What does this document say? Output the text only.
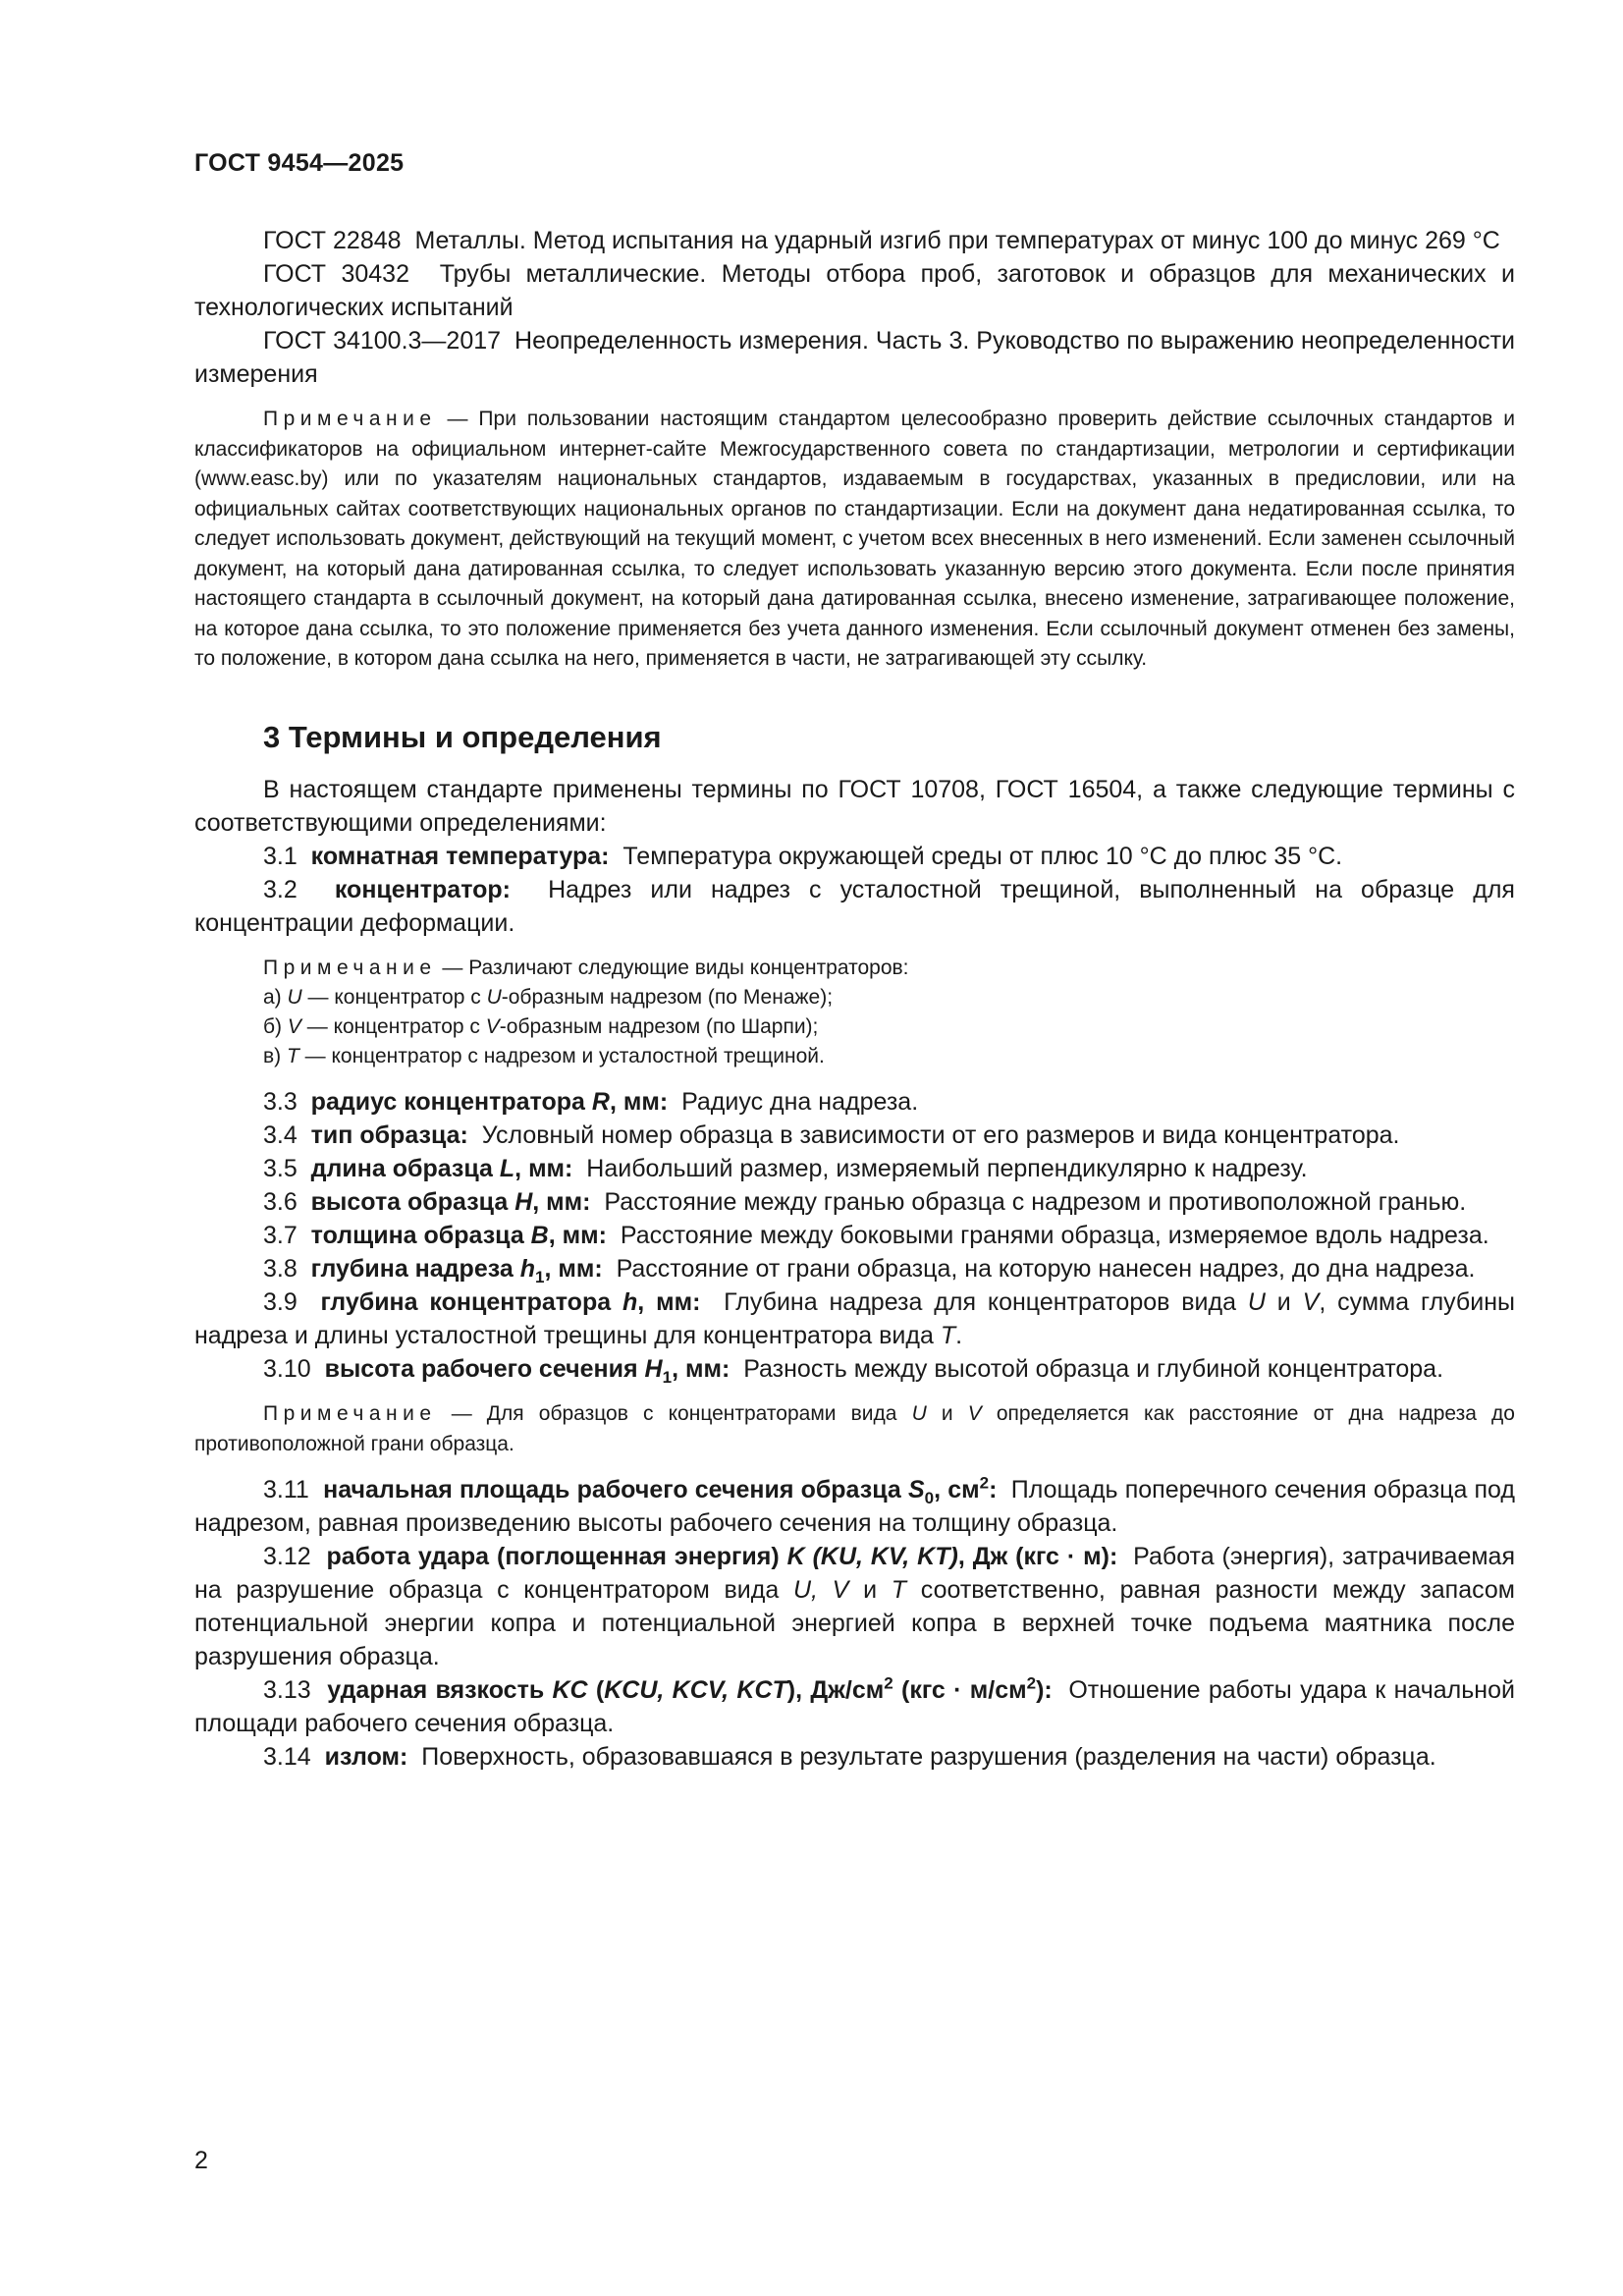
ГОСТ 9454—2025

ГОСТ 22848 Металлы. Метод испытания на ударный изгиб при температурах от минус 100 до минус 269 °С

ГОСТ 30432 Трубы металлические. Методы отбора проб, заготовок и образцов для механических и технологических испытаний

ГОСТ 34100.3—2017 Неопределенность измерения. Часть 3. Руководство по выражению неопределенности измерения

Примечание — При пользовании настоящим стандартом целесообразно проверить действие ссылочных стандартов и классификаторов на официальном интернет-сайте Межгосударственного совета по стандартизации, метрологии и сертификации (www.easc.by) или по указателям национальных стандартов, издаваемым в государствах, указанных в предисловии, или на официальных сайтах соответствующих национальных органов по стандартизации. Если на документ дана недатированная ссылка, то следует использовать документ, действующий на текущий момент, с учетом всех внесенных в него изменений. Если заменен ссылочный документ, на который дана датированная ссылка, то следует использовать указанную версию этого документа. Если после принятия настоящего стандарта в ссылочный документ, на который дана датированная ссылка, внесено изменение, затрагивающее положение, на которое дана ссылка, то это положение применяется без учета данного изменения. Если ссылочный документ отменен без замены, то положение, в котором дана ссылка на него, применяется в части, не затрагивающей эту ссылку.

3 Термины и определения

В настоящем стандарте применены термины по ГОСТ 10708, ГОСТ 16504, а также следующие термины с соответствующими определениями:

3.1 комнатная температура: Температура окружающей среды от плюс 10 °С до плюс 35 °С.

3.2 концентратор: Надрез или надрез с усталостной трещиной, выполненный на образце для концентрации деформации.

Примечание — Различают следующие виды концентраторов:

а) U — концентратор с U-образным надрезом (по Менаже);
б) V — концентратор с V-образным надрезом (по Шарпи);
в) T — концентратор с надрезом и усталостной трещиной.

3.3 радиус концентратора R, мм: Радиус дна надреза.

3.4 тип образца: Условный номер образца в зависимости от его размеров и вида концентратора.

3.5 длина образца L, мм: Наибольший размер, измеряемый перпендикулярно к надрезу.

3.6 высота образца H, мм: Расстояние между гранью образца с надрезом и противоположной гранью.

3.7 толщина образца B, мм: Расстояние между боковыми гранями образца, измеряемое вдоль надреза.

3.8 глубина надреза $h_1$, мм: Расстояние от грани образца, на которую нанесен надрез, до дна надреза.

3.9 глубина концентратора h, мм: Глубина надреза для концентраторов вида U и V, сумма глубины надреза и длины усталостной трещины для концентратора вида T.

3.10 высота рабочего сечения $H_1$, мм: Разность между высотой образца и глубиной концентратора.

Примечание — Для образцов с концентраторами вида U и V определяется как расстояние от дна надреза до противоположной грани образца.

3.11 начальная площадь рабочего сечения образца $S_0$, $см^2$: Площадь поперечного сечения образца под надрезом, равная произведению высоты рабочего сечения на толщину образца.

3.12 работа удара (поглощенная энергия) K (KU, KV, KT), Дж (кгс · м): Работа (энергия), затрачиваемая на разрушение образца с концентратором вида U, V и T соответственно, равная разности между запасом потенциальной энергии копра и потенциальной энергией копра в верхней точке подъема маятника после разрушения образца.

3.13 ударная вязкость KC (KCU, KCV, KCT), $Дж/см^2$ $(кгс \cdot м/см^2)$: Отношение работы удара к начальной площади рабочего сечения образца.

3.14 излом: Поверхность, образовавшаяся в результате разрушения (разделения на части) образца.

2
